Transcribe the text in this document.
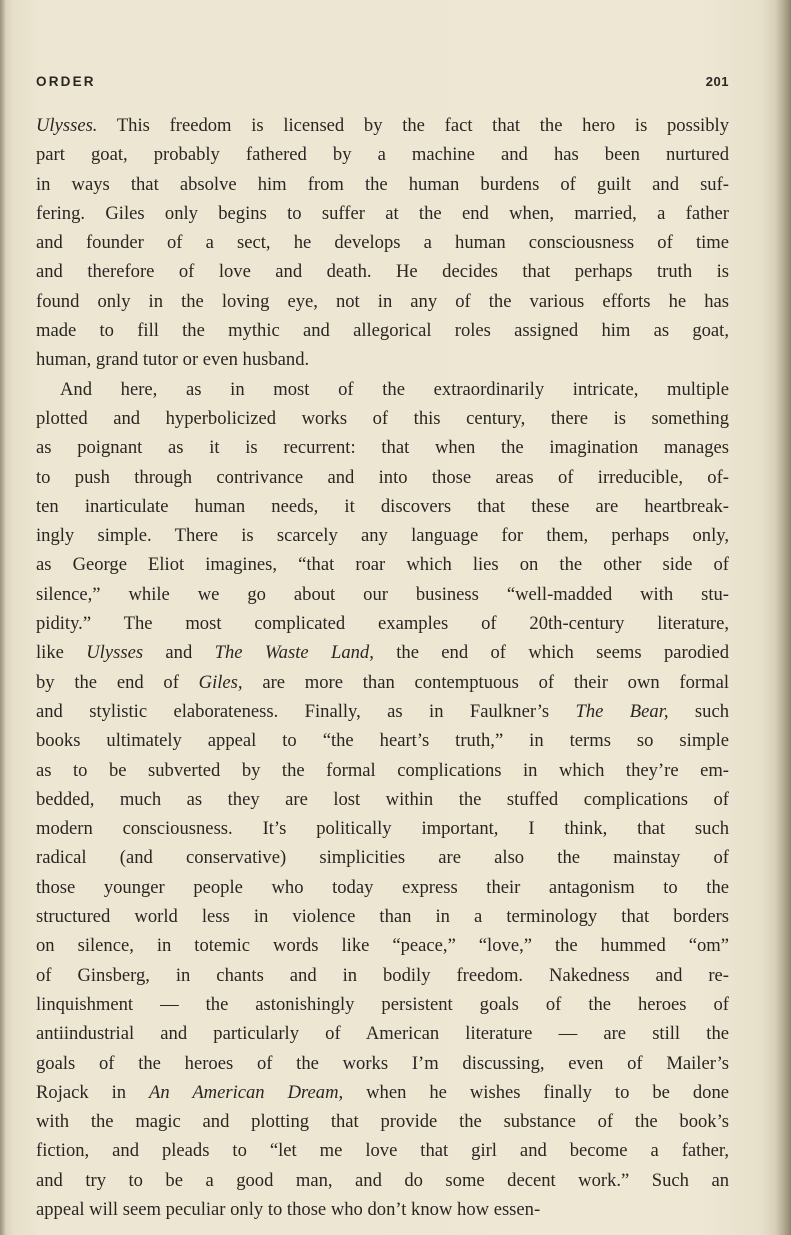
ORDER	201
Ulysses. This freedom is licensed by the fact that the hero is possibly
part goat, probably fathered by a machine and has been nurtured
in ways that absolve him from the human burdens of guilt and suf-
fering. Giles only begins to suffer at the end when, married, a father
and founder of a sect, he develops a human consciousness of time
and therefore of love and death. He decides that perhaps truth is
found only in the loving eye, not in any of the various efforts he has
made to fill the mythic and allegorical roles assigned him as goat,
human, grand tutor or even husband.
And here, as in most of the extraordinarily intricate, multiple
plotted and hyperbolicized works of this century, there is something
as poignant as it is recurrent: that when the imagination manages
to push through contrivance and into those areas of irreducible, of-
ten inarticulate human needs, it discovers that these are heartbreak-
ingly simple. There is scarcely any language for them, perhaps only,
as George Eliot imagines, “that roar which lies on the other side of
silence,” while we go about our business “well-madded with stu-
pidity.” The most complicated examples of 20th-century literature,
like Ulysses and The Waste Land, the end of which seems parodied
by the end of Giles, are more than contemptuous of their own formal
and stylistic elaborateness. Finally, as in Faulkner’s The Bear, such
books ultimately appeal to “the heart’s truth,” in terms so simple
as to be subverted by the formal complications in which they’re em-
bedded, much as they are lost within the stuffed complications of
modern consciousness. It’s politically important, I think, that such
radical (and conservative) simplicities are also the mainstay of
those younger people who today express their antagonism to the
structured world less in violence than in a terminology that borders
on silence, in totemic words like “peace,” “love,” the hummed “om”
of Ginsberg, in chants and in bodily freedom. Nakedness and re-
linquishment — the astonishingly persistent goals of the heroes of
antiindustrial and particularly of American literature — are still the
goals of the heroes of the works I’m discussing, even of Mailer’s
Rojack in An American Dream, when he wishes finally to be done
with the magic and plotting that provide the substance of the book’s
fiction, and pleads to “let me love that girl and become a father,
and try to be a good man, and do some decent work.” Such an
appeal will seem peculiar only to those who don’t know how essen-
